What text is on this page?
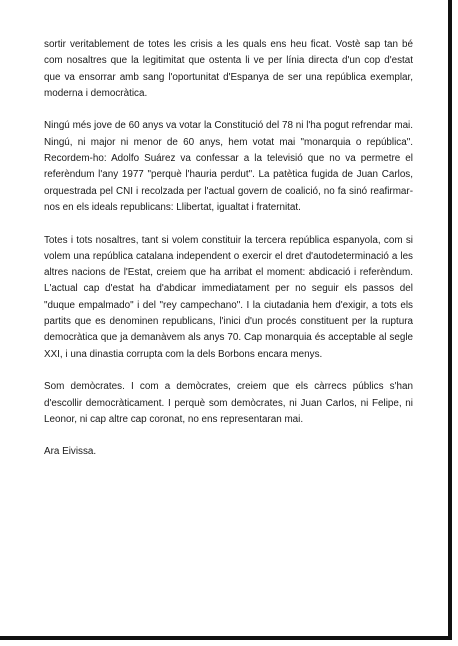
sortir veritablement de totes les crisis a les quals ens heu ficat. Vostè sap tan bé com nosaltres que la legitimitat que ostenta li ve per línia directa d'un cop d'estat que va ensorrar amb sang l'oportunitat d'Espanya de ser una república exemplar, moderna i democràtica.

Ningú més jove de 60 anys va votar la Constitució del 78 ni l'ha pogut refrendar mai. Ningú, ni major ni menor de 60 anys, hem votat mai "monarquia o república". Recordem-ho: Adolfo Suárez va confessar a la televisió que no va permetre el referèndum l'any 1977 "perquè l'hauria perdut". La patètica fugida de Juan Carlos, orquestrada pel CNI i recolzada per l'actual govern de coalició, no fa sinó reafirmar-nos en els ideals republicans: Llibertat, igualtat i fraternitat.

Totes i tots nosaltres, tant si volem constituir la tercera república espanyola, com si volem una república catalana independent o exercir el dret d'autodeterminació a les altres nacions de l'Estat, creiem que ha arribat el moment: abdicació i referèndum. L'actual cap d'estat ha d'abdicar immediatament per no seguir els passos del "duque empalmado" i del "rey campechano". I la ciutadania hem d'exigir, a tots els partits que es denominen republicans, l'inici d'un procés constituent per la ruptura democràtica que ja demanàvem als anys 70. Cap monarquia és acceptable al segle XXI, i una dinastia corrupta com la dels Borbons encara menys.

Som demòcrates. I com a demòcrates, creiem que els càrrecs públics s'han d'escollir democràticament. I perquè som demòcrates, ni Juan Carlos, ni Felipe, ni Leonor, ni cap altre cap coronat, no ens representaran mai.

Ara Eivissa.
